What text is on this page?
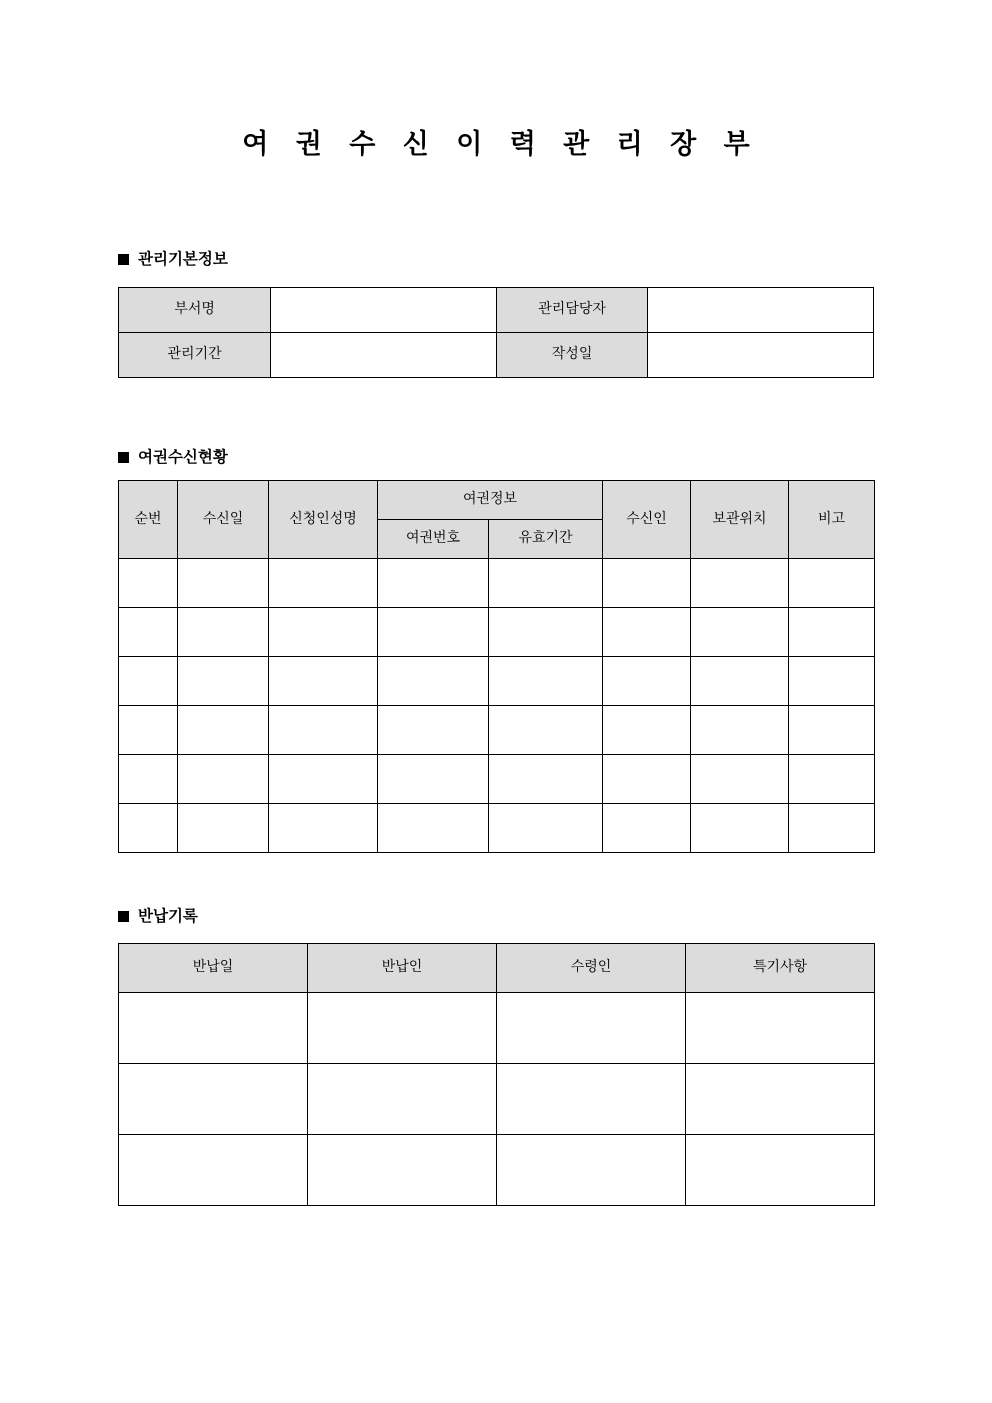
여 권 수 신 이 력 관 리 장 부
관리기본정보
부서명		관리담당자	

관리기간		작성일	

여권수신현황
순번	수신일	신청인성명	여권정보		수신인	보관위치	비고

			여권번호	유효기간			

반납기록
반납일	반납인	수령인	특기사항
